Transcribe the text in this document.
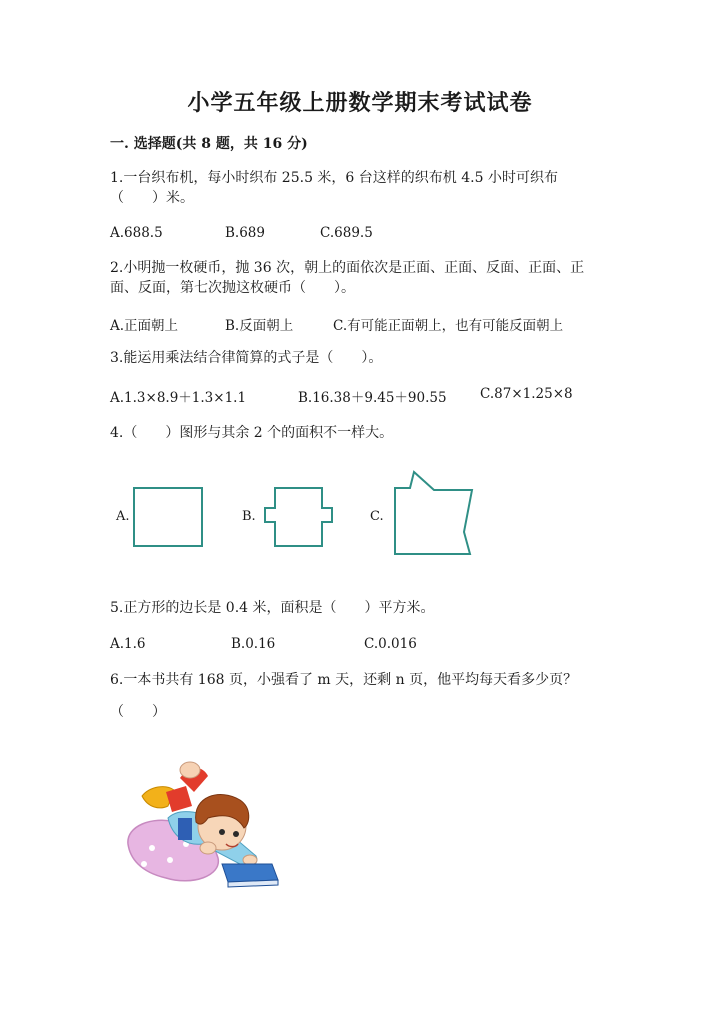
小学五年级上册数学期末考试试卷
一. 选择题(共 8 题，共 16 分)
1.一台织布机，每小时织布 25.5 米，6 台这样的织布机 4.5 小时可织布
（　　）米。
A.688.5	B.689	C.689.5
2.小明抛一枚硬币，抛 36 次，朝上的面依次是正面、正面、反面、正面、正
面、反面，第七次抛这枚硬币（　　）。
A.正面朝上	B.反面朝上	C.有可能正面朝上，也有可能反面朝上
3.能运用乘法结合律简算的式子是（　　）。
A.1.3×8.9＋1.3×1.1	B.16.38＋9.45＋90.55 C.87×1.25×8
4.（　　）图形与其余 2 个的面积不一样大。
A.	B.	C.
5.正方形的边长是 0.4 米，面积是（　　）平方米。
A.1.6	B.0.16	C.0.016
6.一本书共有 168 页，小强看了 m 天，还剩 n 页，他平均每天看多少页？
（　　）
